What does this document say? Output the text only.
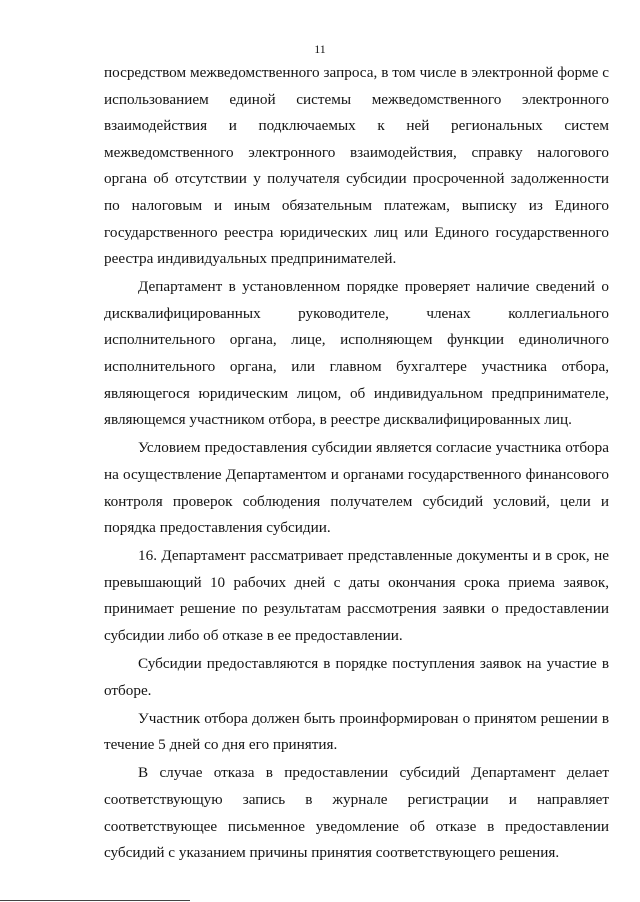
11

посредством межведомственного запроса, в том числе в электронной форме с
использованием единой системы межведомственного электронного
взаимодействия и подключаемых к ней региональных систем
межведомственного электронного взаимодействия, справку налогового
органа об отсутствии у получателя субсидии просроченной задолженности
по налоговым и иным обязательным платежам, выписку из Единого
государственного реестра юридических лиц или Единого государственного
реестра индивидуальных предпринимателей.

Департамент в установленном порядке проверяет наличие сведений о
дисквалифицированных руководителе, членах коллегиального
исполнительного органа, лице, исполняющем функции единоличного
исполнительного органа, или главном бухгалтере участника отбора,
являющегося юридическим лицом, об индивидуальном предпринимателе,
являющемся участником отбора, в реестре дисквалифицированных лиц.

Условием предоставления субсидии является согласие участника отбора
на осуществление Департаментом и органами государственного финансового
контроля проверок соблюдения получателем субсидий условий, цели и
порядка предоставления субсидии.

16. Департамент рассматривает представленные документы и в срок, не
превышающий 10 рабочих дней с даты окончания срока приема заявок,
принимает решение по результатам рассмотрения заявки о предоставлении
субсидии либо об отказе в ее предоставлении.

Субсидии предоставляются в порядке поступления заявок на участие в
отборе.

Участник отбора должен быть проинформирован о принятом решении в
течение 5 дней со дня его принятия.

В случае отказа в предоставлении субсидий Департамент делает
соответствующую запись в журнале регистрации и направляет
соответствующее письменное уведомление об отказе в предоставлении
субсидий с указанием причины принятия соответствующего решения.
